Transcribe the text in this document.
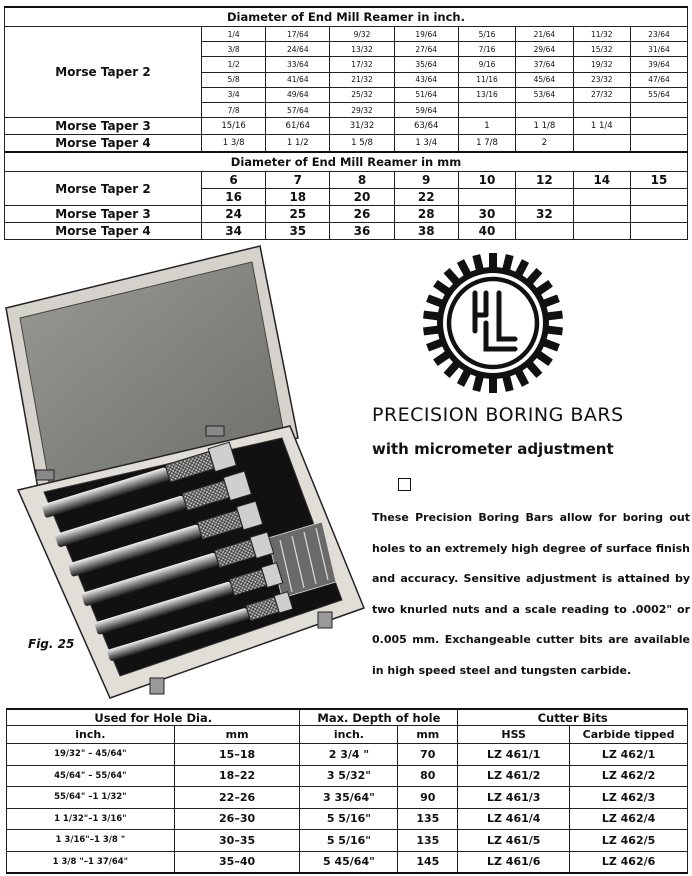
Diameter of End Mill Reamer in inch.								
Morse Taper 2	1/4	17/64	9/32	19/64	5/16	21/64	11/32	23/64
	3/8	24/64	13/32	27/64	7/16	29/64	15/32	31/64
	1/2	33/64	17/32	35/64	9/16	37/64	19/32	39/64
	5/8	41/64	21/32	43/64	11/16	45/64	23/32	47/64
	3/4	49/64	25/32	51/64	13/16	53/64	27/32	55/64
	7/8	57/64	29/32	59/64				
Morse Taper 3	15/16	61/64	31/32	63/64	1	1 1/8	1 1/4	
Morse Taper 4	1 3/8	1 1/2	1 5/8	1 3/4	1 7/8	2		
Diameter of End Mill Reamer in mm								
Morse Taper 2	6	7	8	9	10	12	14	15
	16	18	20	22				
Morse Taper 3	24	25	26	28	30	32		
Morse Taper 4	34	35	36	38	40			
Fig. 25
PRECISION BORING BARS
with micrometer adjustment

These Precision Boring Bars allow for boring out holes to an extremely high degree of surface finish and accuracy. Sensitive adjustment is attained by two knurled nuts and a scale reading to .0002" or 0.005 mm. Exchangeable cutter bits are available in high speed steel and tungsten carbide.

Used for Hole Dia.		Max. Depth of hole		Cutter Bits	
inch.	mm	inch.	mm	HSS	Carbide tipped
19/32" – 45/64"	15–18	2 3/4 "	70	LZ 461/1	LZ 462/1
45/64" – 55/64"	18–22	3 5/32"	80	LZ 461/2	LZ 462/2
55/64" –1 1/32"	22–26	3 35/64"	90	LZ 461/3	LZ 462/3
1 1/32"–1 3/16"	26–30	5 5/16"	135	LZ 461/4	LZ 462/4
1 3/16"–1 3/8 "	30–35	5 5/16"	135	LZ 461/5	LZ 462/5
1 3/8 "–1 37/64"	35–40	5 45/64"	145	LZ 461/6	LZ 462/6
